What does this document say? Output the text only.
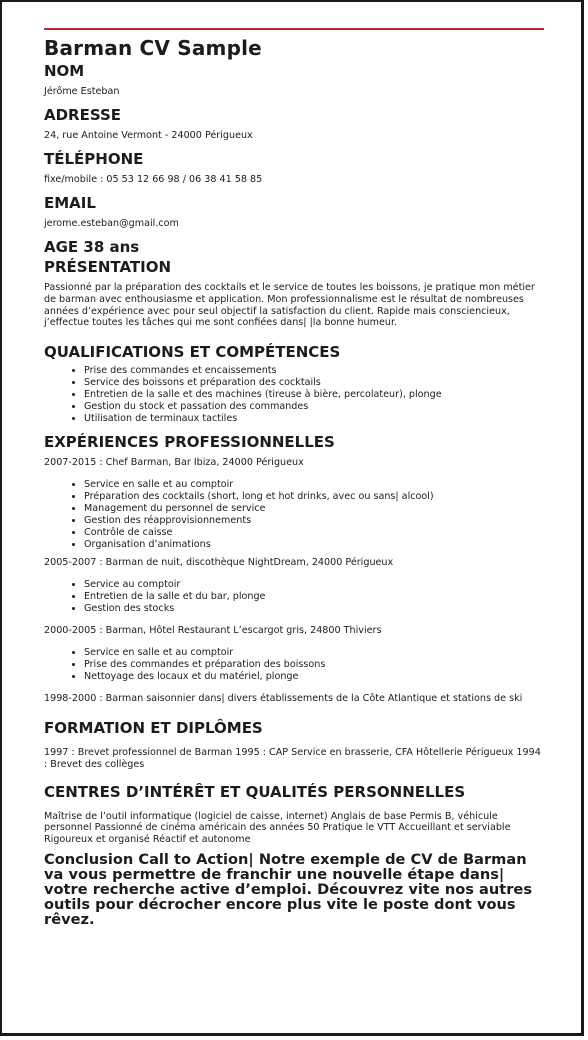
Barman CV Sample
NOM

Jérôme Esteban

ADRESSE

24, rue Antoine Vermont - 24000 Périgueux

TÉLÉPHONE

fixe/mobile : 05 53 12 66 98 / 06 38 41 58 85

EMAIL

jerome.esteban@gmail.com

AGE 38 ans
PRÉSENTATION

Passionné par la préparation des cocktails et le service de toutes les boissons, je pratique mon métier de barman avec enthousiasme et application. Mon professionnalisme est le résultat de nombreuses années d’expérience avec pour seul objectif la satisfaction du client. Rapide mais consciencieux, j’effectue toutes les tâches qui me sont confiées dans| |la bonne humeur.

QUALIFICATIONS ET COMPÉTENCES
• Prise des commandes et encaissements
• Service des boissons et préparation des cocktails
• Entretien de la salle et des machines (tireuse à bière, percolateur), plonge
• Gestion du stock et passation des commandes
• Utilisation de terminaux tactiles
EXPÉRIENCES PROFESSIONNELLES

2007-2015 : Chef Barman, Bar Ibiza, 24000 Périgueux

• Service en salle et au comptoir
• Préparation des cocktails (short, long et hot drinks, avec ou sans| alcool)
• Management du personnel de service
• Gestion des réapprovisionnements
• Contrôle de caisse
• Organisation d’animations

2005-2007 : Barman de nuit, discothèque NightDream, 24000 Périgueux

• Service au comptoir
• Entretien de la salle et du bar, plonge
• Gestion des stocks

2000-2005 : Barman, Hôtel Restaurant L’escargot gris, 24800 Thiviers

• Service en salle et au comptoir
• Prise des commandes et préparation des boissons
• Nettoyage des locaux et du matériel, plonge

1998-2000 : Barman saisonnier dans| divers établissements de la Côte Atlantique et stations de ski

FORMATION ET DIPLÔMES

1997 : Brevet professionnel de Barman 1995 : CAP Service en brasserie, CFA Hôtellerie Périgueux 1994 : Brevet des collèges

CENTRES D’INTÉRÊT ET QUALITÉS PERSONNELLES

Maîtrise de l’outil informatique (logiciel de caisse, internet) Anglais de base Permis B, véhicule personnel Passionné de cinéma américain des années 50 Pratique le VTT Accueillant et serviable Rigoureux et organisé Réactif et autonome

Conclusion Call to Action| Notre exemple de CV de Barman va vous permettre de franchir une nouvelle étape dans| votre recherche active d’emploi. Découvrez vite nos autres outils pour décrocher encore plus vite le poste dont vous rêvez.
